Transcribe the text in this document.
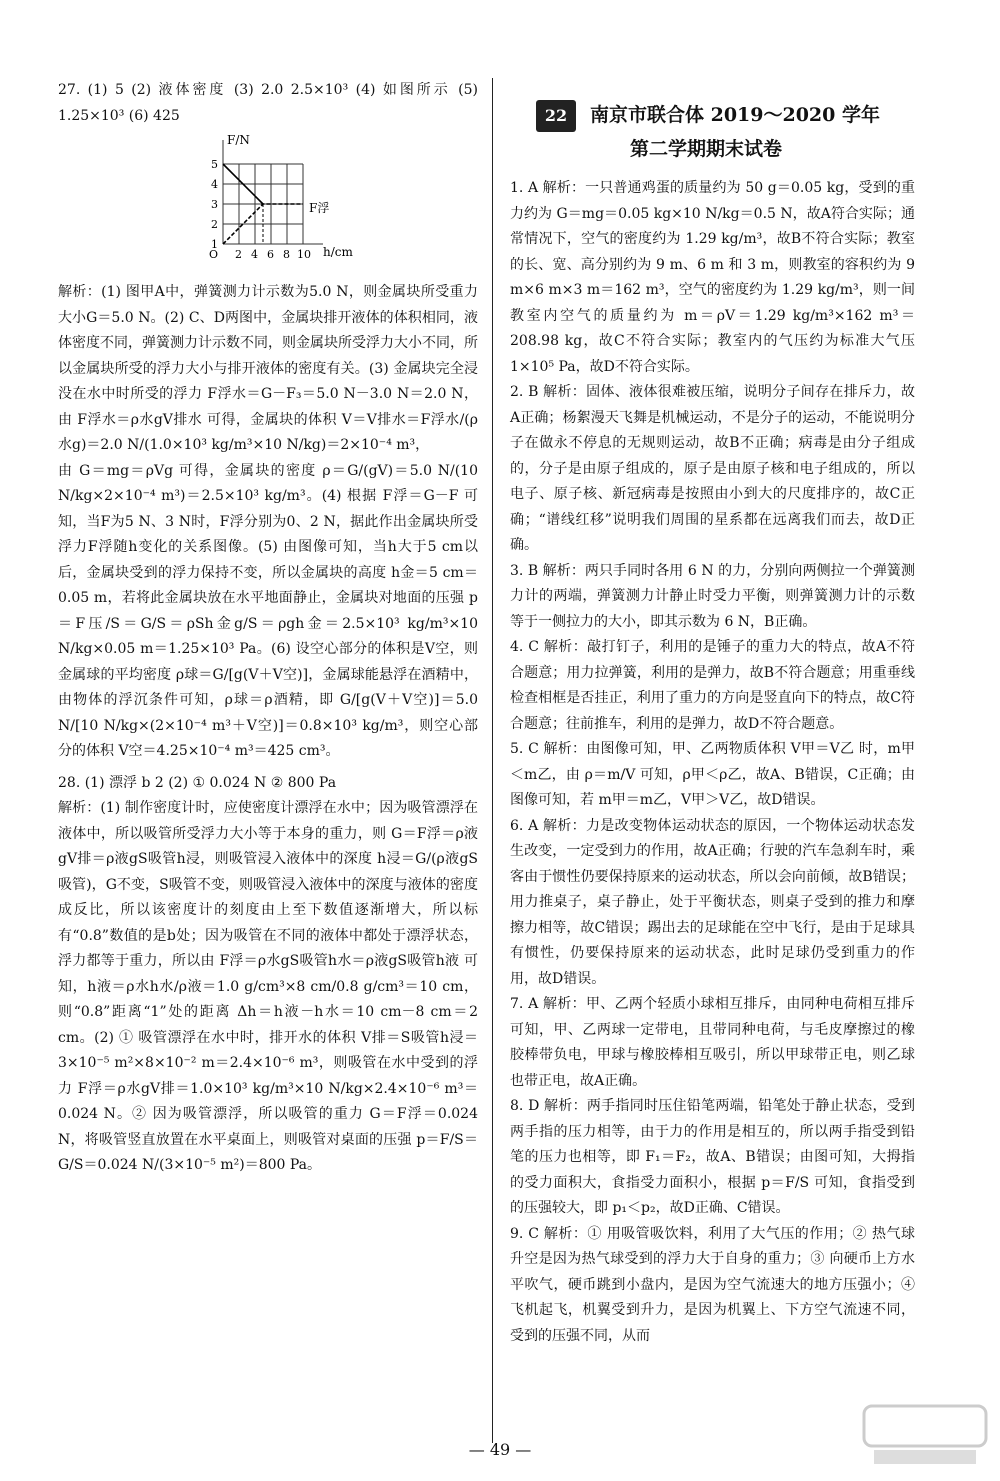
27. (1) 5 (2) 液体密度 (3) 2.0 2.5×10³ (4) 如图所示 (5) 1.25×10³ (6) 425

解析：(1) 图甲A中，弹簧测力计示数为5.0 N，则金属块所受重力大小G＝5.0 N。(2) C、D两图中，金属块排开液体的体积相同，液体密度不同，弹簧测力计示数不同，则金属块所受浮力大小不同，所以金属块所受的浮力大小与排开液体的密度有关。(3) 金属块完全浸没在水中时所受的浮力 F浮水＝G－F₃＝5.0 N－3.0 N＝2.0 N，由 F浮水＝ρ水gV排水 可得，金属块的体积 V＝V排水＝F浮水/(ρ水g)＝2.0 N/(1.0×10³ kg/m³×10 N/kg)＝2×10⁻⁴ m³，

由 G＝mg＝ρVg 可得，金属块的密度 ρ＝G/(gV)＝5.0 N/(10 N/kg×2×10⁻⁴ m³)＝2.5×10³ kg/m³。(4) 根据 F浮＝G－F 可知，当F为5 N、3 N时，F浮分别为0、2 N，据此作出金属块所受浮力F浮随h变化的关系图像。(5) 由图像可知，当h大于5 cm以后，金属块受到的浮力保持不变，所以金属块的高度 h金＝5 cm＝0.05 m，若将此金属块放在水平地面静止，金属块对地面的压强 p＝F压/S＝G/S＝ρSh金g/S＝ρgh金＝2.5×10³ kg/m³×10 N/kg×0.05 m＝1.25×10³ Pa。(6) 设空心部分的体积是V空，则金属球的平均密度 ρ球＝G/[g(V＋V空)]，金属球能悬浮在酒精中，由物体的浮沉条件可知，ρ球＝ρ酒精，即 G/[g(V＋V空)]＝5.0 N/[10 N/kg×(2×10⁻⁴ m³＋V空)]＝0.8×10³ kg/m³，则空心部分的体积 V空＝4.25×10⁻⁴ m³＝425 cm³。

28. (1) 漂浮 b 2 (2) ① 0.024 N ② 800 Pa

解析：(1) 制作密度计时，应使密度计漂浮在水中；因为吸管漂浮在液体中，所以吸管所受浮力大小等于本身的重力，则 G＝F浮＝ρ液gV排＝ρ液gS吸管h浸，则吸管浸入液体中的深度 h浸＝G/(ρ液gS吸管)，G不变，S吸管不变，则吸管浸入液体中的深度与液体的密度成反比，所以该密度计的刻度由上至下数值逐渐增大，所以标有“0.8”数值的是b处；因为吸管在不同的液体中都处于漂浮状态，浮力都等于重力，所以由 F浮＝ρ水gS吸管h水＝ρ液gS吸管h液 可知，h液＝ρ水h水/ρ液＝1.0 g/cm³×8 cm/0.8 g/cm³＝10 cm，则“0.8”距离“1”处的距离 Δh＝h液－h水＝10 cm－8 cm＝2 cm。(2) ① 吸管漂浮在水中时，排开水的体积 V排＝S吸管h浸＝3×10⁻⁵ m²×8×10⁻² m＝2.4×10⁻⁶ m³，则吸管在水中受到的浮力 F浮＝ρ水gV排＝1.0×10³ kg/m³×10 N/kg×2.4×10⁻⁶ m³＝0.024 N。② 因为吸管漂浮，所以吸管的重力 G＝F浮＝0.024 N，将吸管竖直放置在水平桌面上，则吸管对桌面的压强 p＝F/S＝G/S＝0.024 N/(3×10⁻⁵ m²)＝800 Pa。

F/N
h/cm
F浮
5
4
3
2
1
O 2 4 6 8 10
22	南京市联合体 2019～2020 学年
第二学期期末试卷

1. A 解析：一只普通鸡蛋的质量约为 50 g＝0.05 kg，受到的重力约为 G＝mg＝0.05 kg×10 N/kg＝0.5 N，故A符合实际；通常情况下，空气的密度约为 1.29 kg/m³，故B不符合实际；教室的长、宽、高分别约为 9 m、6 m 和 3 m，则教室的容积约为 9 m×6 m×3 m＝162 m³，空气的密度约为 1.29 kg/m³，则一间教室内空气的质量约为 m＝ρV＝1.29 kg/m³×162 m³＝208.98 kg，故C不符合实际；教室内的气压约为标准大气压 1×10⁵ Pa，故D不符合实际。

2. B 解析：固体、液体很难被压缩，说明分子间存在排斥力，故A正确；杨絮漫天飞舞是机械运动，不是分子的运动，不能说明分子在做永不停息的无规则运动，故B不正确；病毒是由分子组成的，分子是由原子组成的，原子是由原子核和电子组成的，所以电子、原子核、新冠病毒是按照由小到大的尺度排序的，故C正确；“谱线红移”说明我们周围的星系都在远离我们而去，故D正确。

3. B 解析：两只手同时各用 6 N 的力，分别向两侧拉一个弹簧测力计的两端，弹簧测力计静止时受力平衡，则弹簧测力计的示数等于一侧拉力的大小，即其示数为 6 N，B正确。

4. C 解析：敲打钉子，利用的是锤子的重力大的特点，故A不符合题意；用力拉弹簧，利用的是弹力，故B不符合题意；用重垂线检查相框是否挂正，利用了重力的方向是竖直向下的特点，故C符合题意；往前推车，利用的是弹力，故D不符合题意。

5. C 解析：由图像可知，甲、乙两物质体积 V甲＝V乙 时，m甲＜m乙，由 ρ＝m/V 可知，ρ甲＜ρ乙，故A、B错误，C正确；由图像可知，若 m甲＝m乙，V甲＞V乙，故D错误。

6. A 解析：力是改变物体运动状态的原因，一个物体运动状态发生改变，一定受到力的作用，故A正确；行驶的汽车急刹车时，乘客由于惯性仍要保持原来的运动状态，所以会向前倾，故B错误；用力推桌子，桌子静止，处于平衡状态，则桌子受到的推力和摩擦力相等，故C错误；踢出去的足球能在空中飞行，是由于足球具有惯性，仍要保持原来的运动状态，此时足球仍受到重力的作用，故D错误。

7. A 解析：甲、乙两个轻质小球相互排斥，由同种电荷相互排斥可知，甲、乙两球一定带电，且带同种电荷，与毛皮摩擦过的橡胶棒带负电，甲球与橡胶棒相互吸引，所以甲球带正电，则乙球也带正电，故A正确。

8. D 解析：两手指同时压住铅笔两端，铅笔处于静止状态，受到两手指的压力相等，由于力的作用是相互的，所以两手指受到铅笔的压力也相等，即 F₁＝F₂，故A、B错误；由图可知，大拇指的受力面积大，食指受力面积小，根据 p＝F/S 可知，食指受到的压强较大，即 p₁＜p₂，故D正确、C错误。

9. C 解析：① 用吸管吸饮料，利用了大气压的作用；② 热气球升空是因为热气球受到的浮力大于自身的重力；③ 向硬币上方水平吹气，硬币跳到小盘内，是因为空气流速大的地方压强小；④ 飞机起飞，机翼受到升力，是因为机翼上、下方空气流速不同，受到的压强不同，从而

— 49 —
